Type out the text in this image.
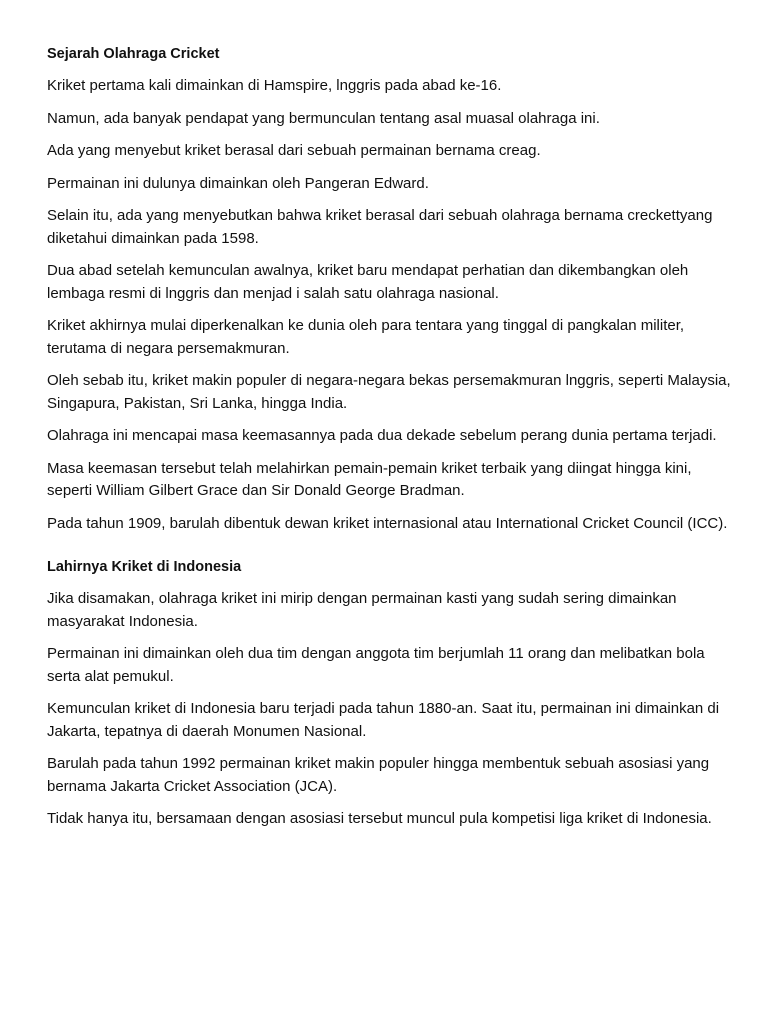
Sejarah Olahraga Cricket

Kriket pertama kali dimainkan di Hamspire, lnggris pada abad ke-16.

Namun, ada banyak pendapat yang bermunculan tentang asal muasal olahraga ini.

Ada yang menyebut kriket berasal dari sebuah permainan bernama creag.

Permainan ini dulunya dimainkan oleh Pangeran Edward.

Selain itu, ada yang menyebutkan bahwa kriket berasal dari sebuah olahraga bernama creckettyang diketahui dimainkan pada 1598.

Dua abad setelah kemunculan awalnya, kriket baru mendapat perhatian dan dikembangkan oleh lembaga resmi di lnggris dan menjad i salah satu olahraga nasional.

Kriket akhirnya mulai diperkenalkan ke dunia oleh para tentara yang tinggal di pangkalan militer, terutama di negara persemakmuran.

Oleh sebab itu, kriket makin populer di negara-negara bekas persemakmuran lnggris, seperti Malaysia, Singapura, Pakistan, Sri Lanka, hingga India.

Olahraga ini mencapai masa keemasannya pada dua dekade sebelum perang dunia pertama terjadi.

Masa keemasan tersebut telah melahirkan pemain-pemain kriket terbaik yang diingat hingga kini, seperti William Gilbert Grace dan Sir Donald George Bradman.

Pada tahun 1909, barulah dibentuk dewan kriket internasional atau International Cricket Council (ICC).

Lahirnya Kriket di Indonesia

Jika disamakan, olahraga kriket ini mirip dengan permainan kasti yang sudah sering dimainkan masyarakat Indonesia.

Permainan ini dimainkan oleh dua tim dengan anggota tim berjumlah 11 orang dan melibatkan bola serta alat pemukul.

Kemunculan kriket di Indonesia baru terjadi pada tahun 1880-an. Saat itu, permainan ini dimainkan di Jakarta, tepatnya di daerah Monumen Nasional.

Barulah pada tahun 1992 permainan kriket makin populer hingga membentuk sebuah asosiasi yang bernama Jakarta Cricket Association (JCA).

Tidak hanya itu, bersamaan dengan asosiasi tersebut muncul pula kompetisi liga kriket di Indonesia.
